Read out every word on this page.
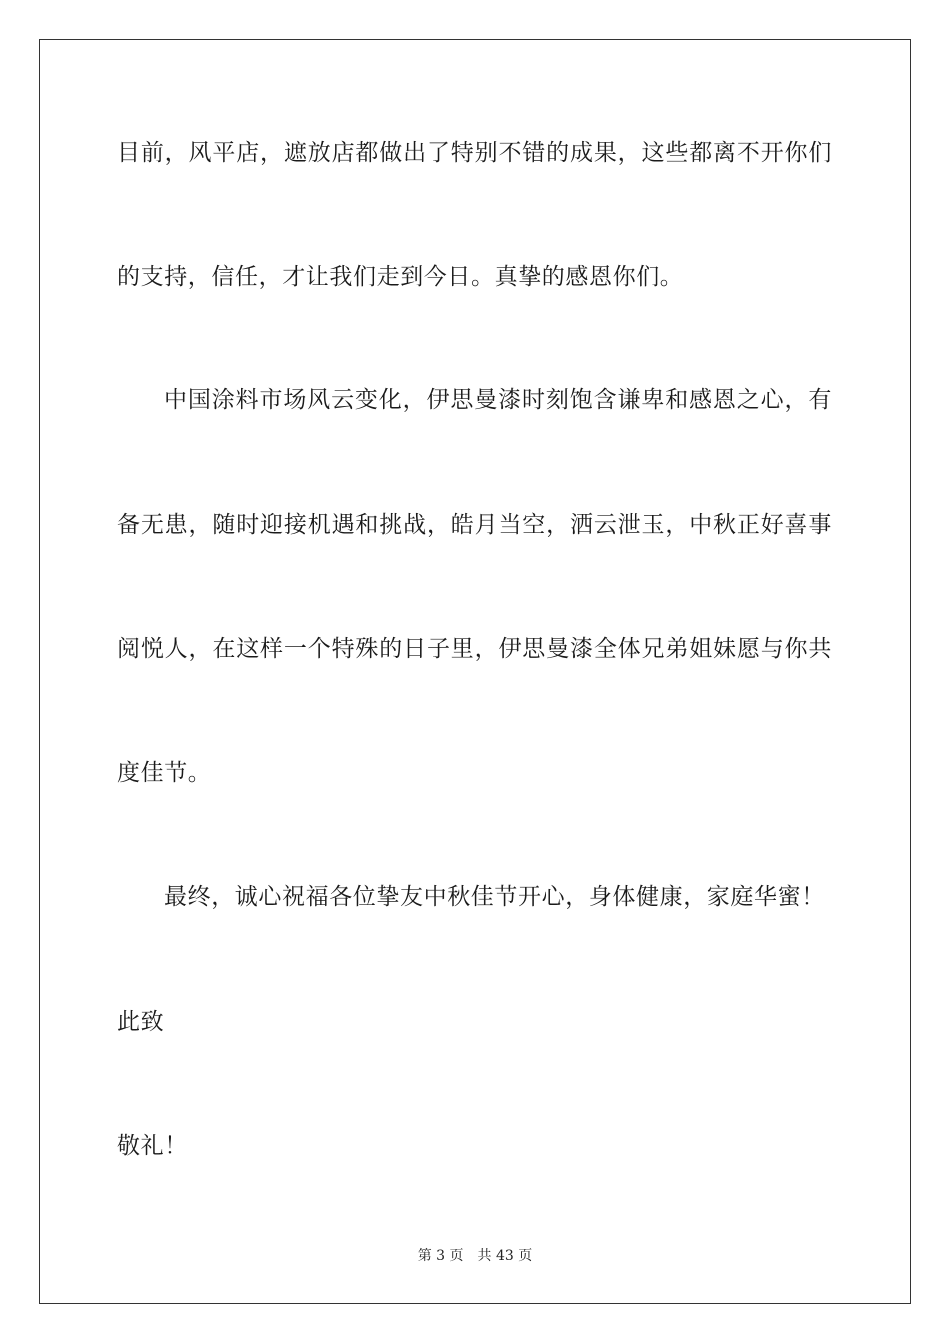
目前，风平店，遮放店都做出了特别不错的成果，这些都离不开你们
的支持，信任，才让我们走到今日。真挚的感恩你们。
中国涂料市场风云变化，伊思曼漆时刻饱含谦卑和感恩之心，有
备无患，随时迎接机遇和挑战，皓月当空，洒云泄玉，中秋正好喜事
阅悦人，在这样一个特殊的日子里，伊思曼漆全体兄弟姐妹愿与你共
度佳节。
最终，诚心祝福各位挚友中秋佳节开心，身体健康，家庭华蜜！
此致
敬礼！
第 3 页 共 43 页
